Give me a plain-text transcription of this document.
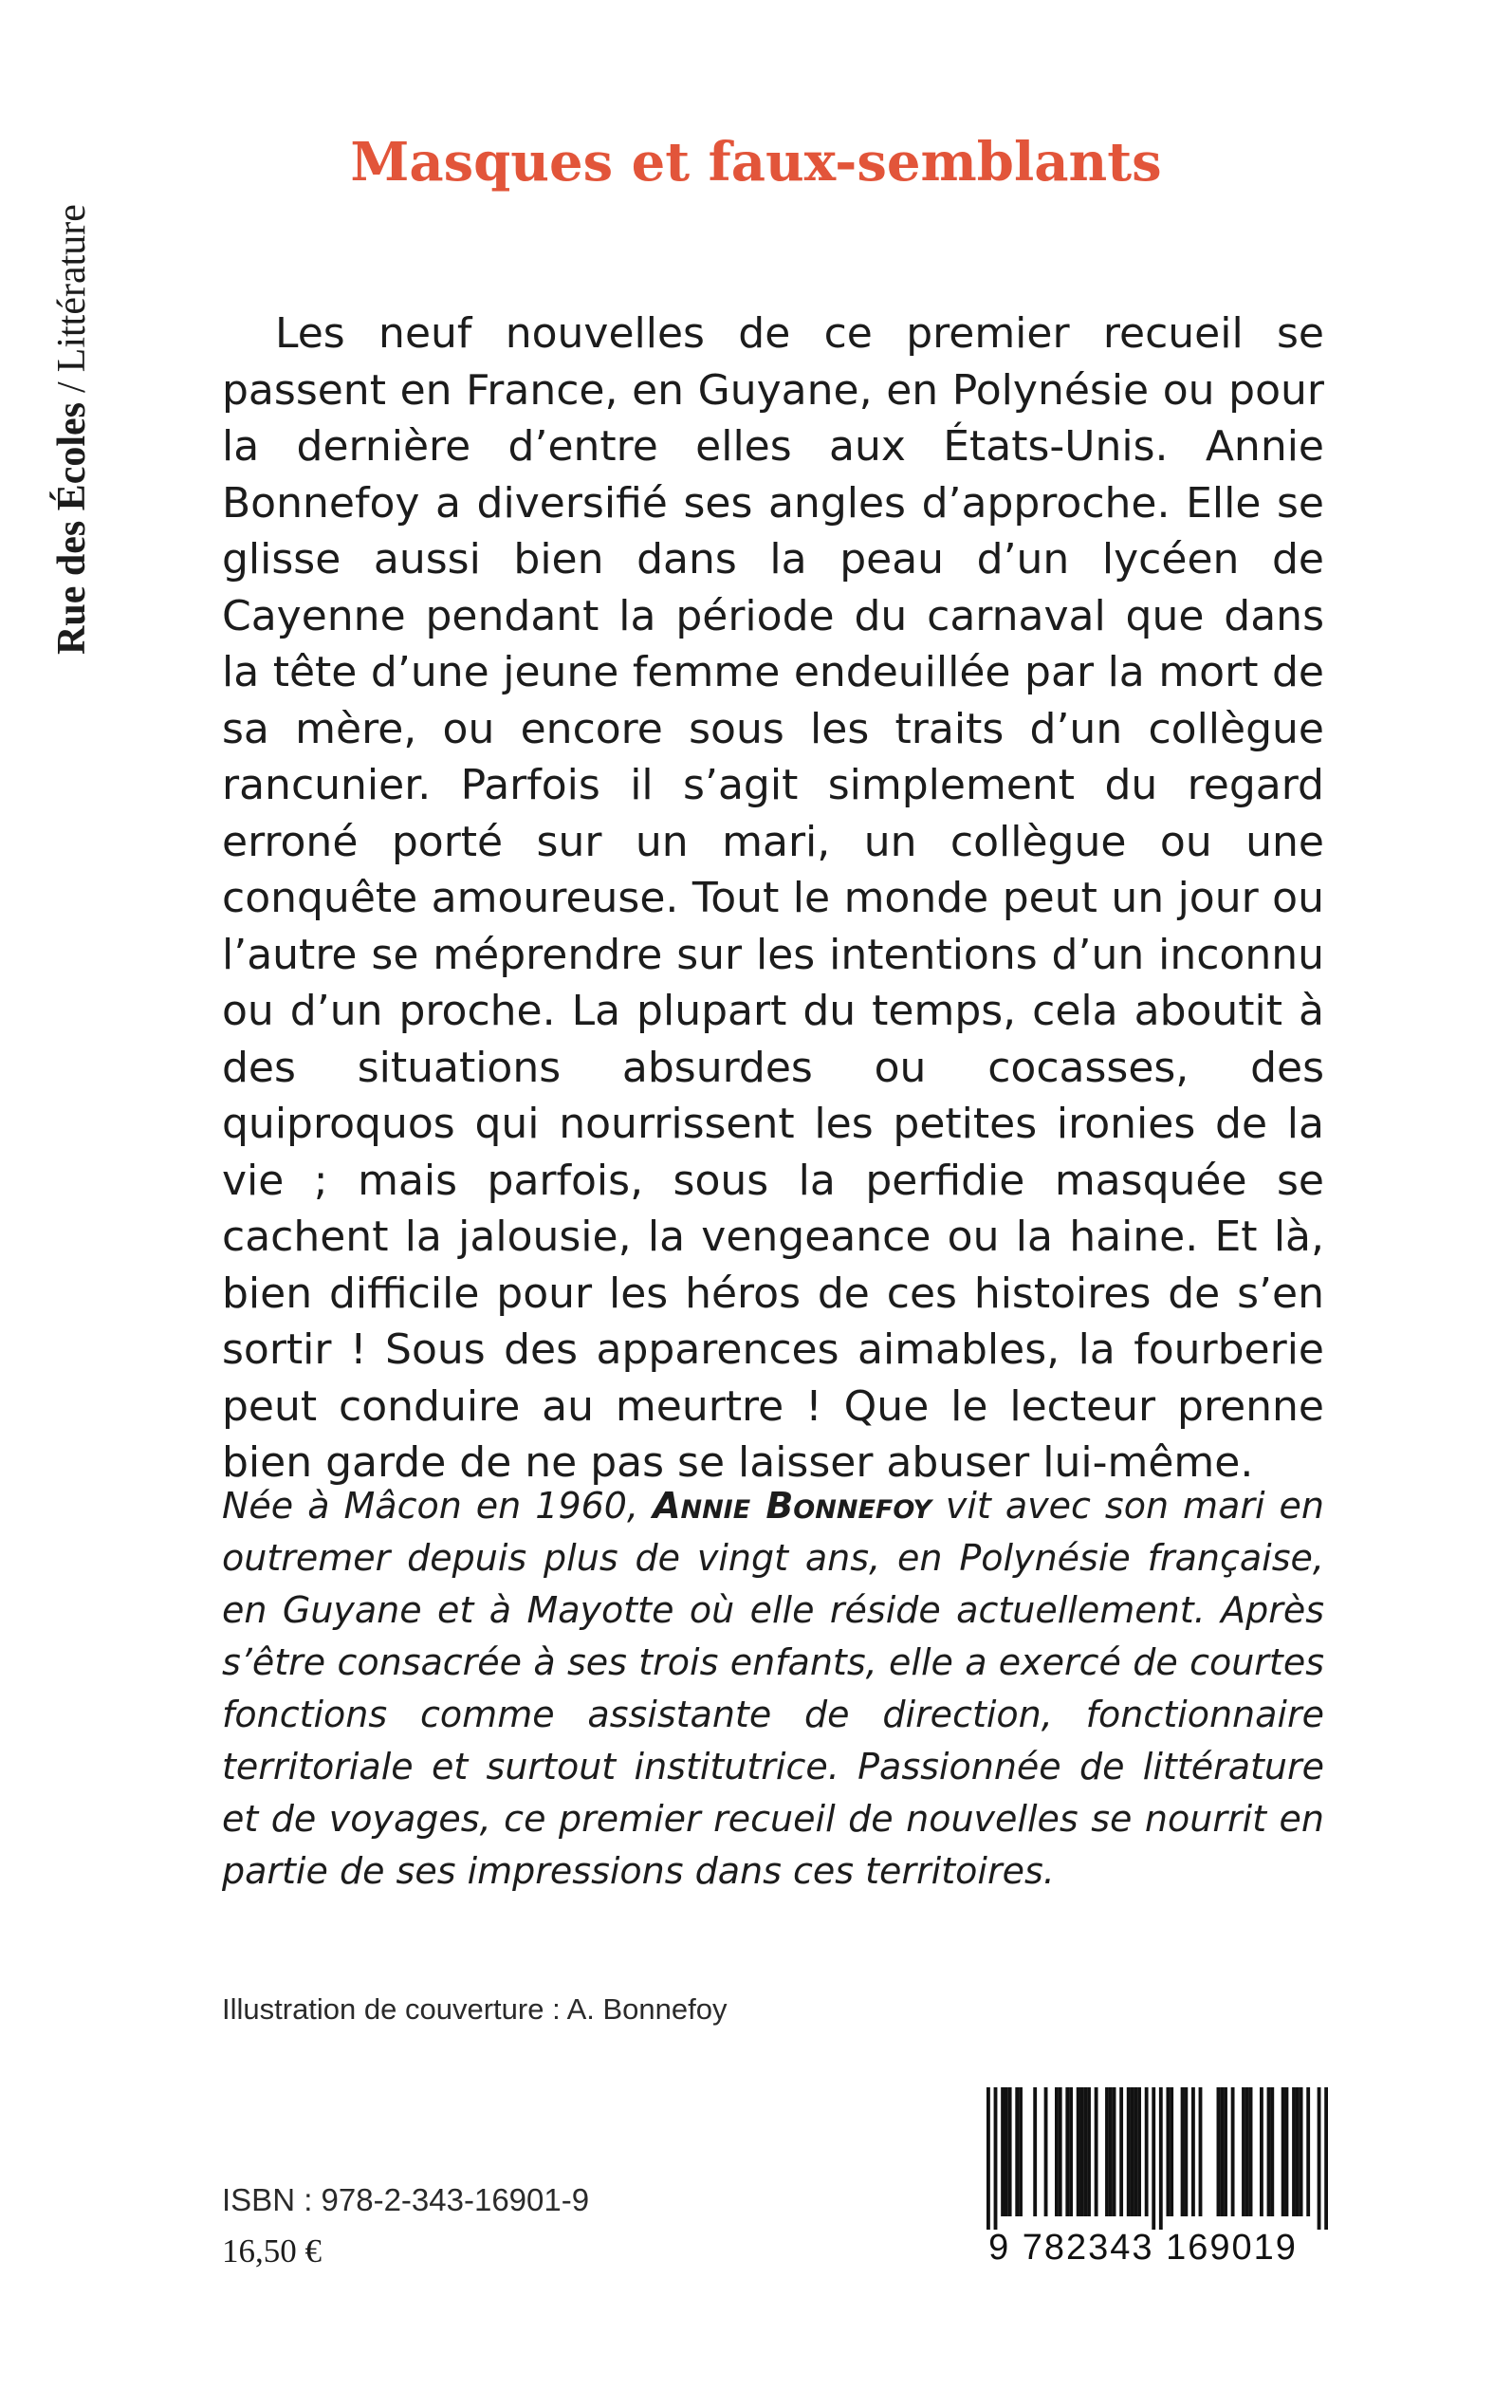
Rue des Écoles/Littérature
Masques et faux-semblants

Les neuf nouvelles de ce premier recueil se passent en France, en Guyane, en Polynésie ou pour la dernière d’entre elles aux États-Unis. Annie Bonnefoy a diversifié ses angles d’approche. Elle se glisse aussi bien dans la peau d’un lycéen de Cayenne pendant la période du carnaval que dans la tête d’une jeune femme endeuillée par la mort de sa mère, ou encore sous les traits d’un collègue rancunier. Parfois il s’agit simplement du regard erroné porté sur un mari, un collègue ou une conquête amoureuse. Tout le monde peut un jour ou l’autre se méprendre sur les intentions d’un inconnu ou d’un proche. La plupart du temps, cela aboutit à des situations absurdes ou cocasses, des quiproquos qui nourrissent les petites ironies de la vie ; mais parfois, sous la perfidie masquée se cachent la jalousie, la vengeance ou la haine. Et là, bien difficile pour les héros de ces histoires de s’en sortir ! Sous des apparences aimables, la fourberie peut conduire au meurtre ! Que le lecteur prenne bien garde de ne pas se laisser abuser lui-même.

Née à Mâcon en 1960, Annie Bonnefoy vit avec son mari en outremer depuis plus de vingt ans, en Polynésie française, en Guyane et à Mayotte où elle réside actuellement. Après s’être consacrée à ses trois enfants, elle a exercé de courtes fonctions comme assistante de direction, fonctionnaire territoriale et surtout institutrice. Passionnée de littérature et de voyages, ce premier recueil de nouvelles se nourrit en partie de ses impressions dans ces territoires.

Illustration de couverture : A. Bonnefoy

ISBN : 978-2-343-16901-9

16,50 €	9 782343 169019
